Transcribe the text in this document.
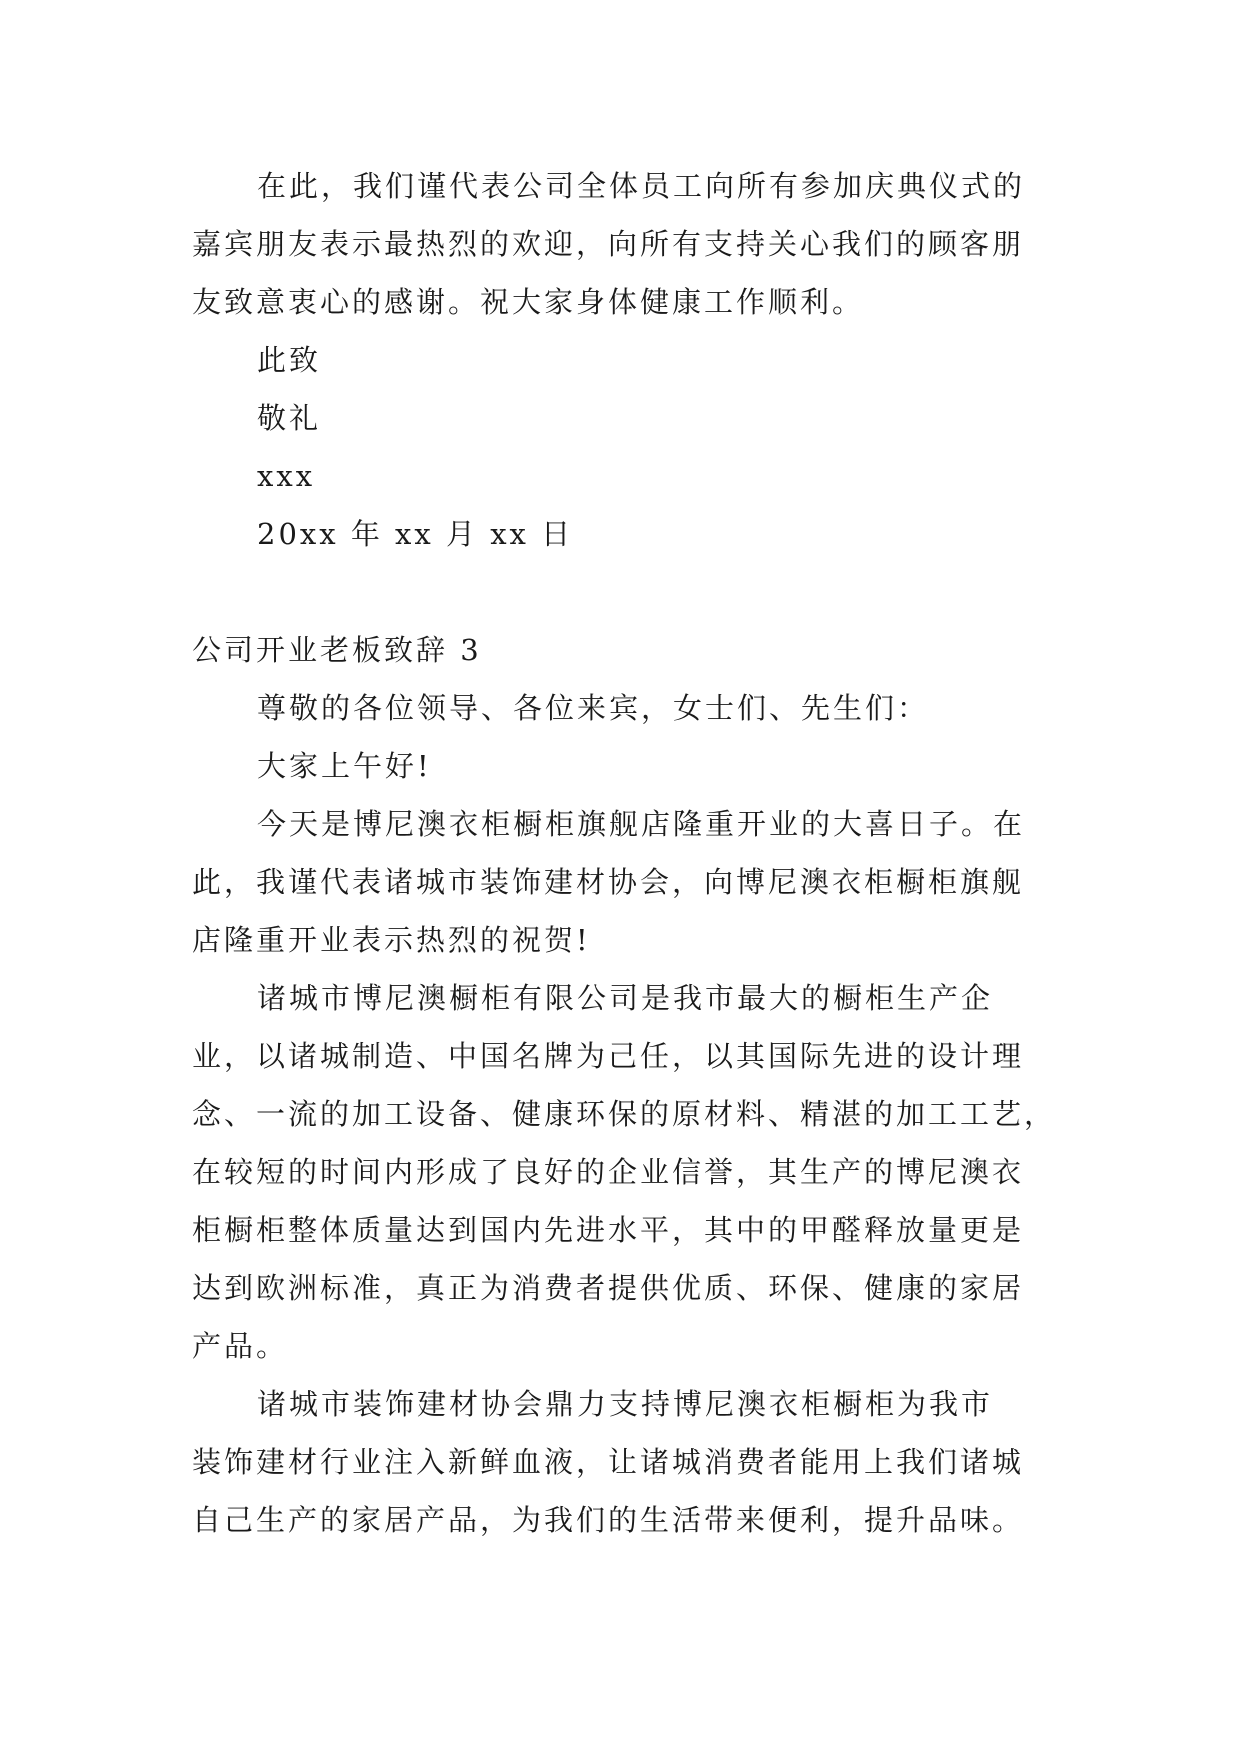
在此，我们谨代表公司全体员工向所有参加庆典仪式的
嘉宾朋友表示最热烈的欢迎，向所有支持关心我们的顾客朋
友致意衷心的感谢。祝大家身体健康工作顺利。
此致
敬礼
xxx
20xx 年 xx 月 xx 日
公司开业老板致辞 3
尊敬的各位领导、各位来宾，女士们、先生们：
大家上午好!
今天是博尼澳衣柜橱柜旗舰店隆重开业的大喜日子。在
此，我谨代表诸城市装饰建材协会，向博尼澳衣柜橱柜旗舰
店隆重开业表示热烈的祝贺!
诸城市博尼澳橱柜有限公司是我市最大的橱柜生产企
业，以诸城制造、中国名牌为己任，以其国际先进的设计理
念、一流的加工设备、健康环保的原材料、精湛的加工工艺，
在较短的时间内形成了良好的企业信誉，其生产的博尼澳衣
柜橱柜整体质量达到国内先进水平，其中的甲醛释放量更是
达到欧洲标准，真正为消费者提供优质、环保、健康的家居
产品。
诸城市装饰建材协会鼎力支持博尼澳衣柜橱柜为我市
装饰建材行业注入新鲜血液，让诸城消费者能用上我们诸城
自己生产的家居产品，为我们的生活带来便利，提升品味。
